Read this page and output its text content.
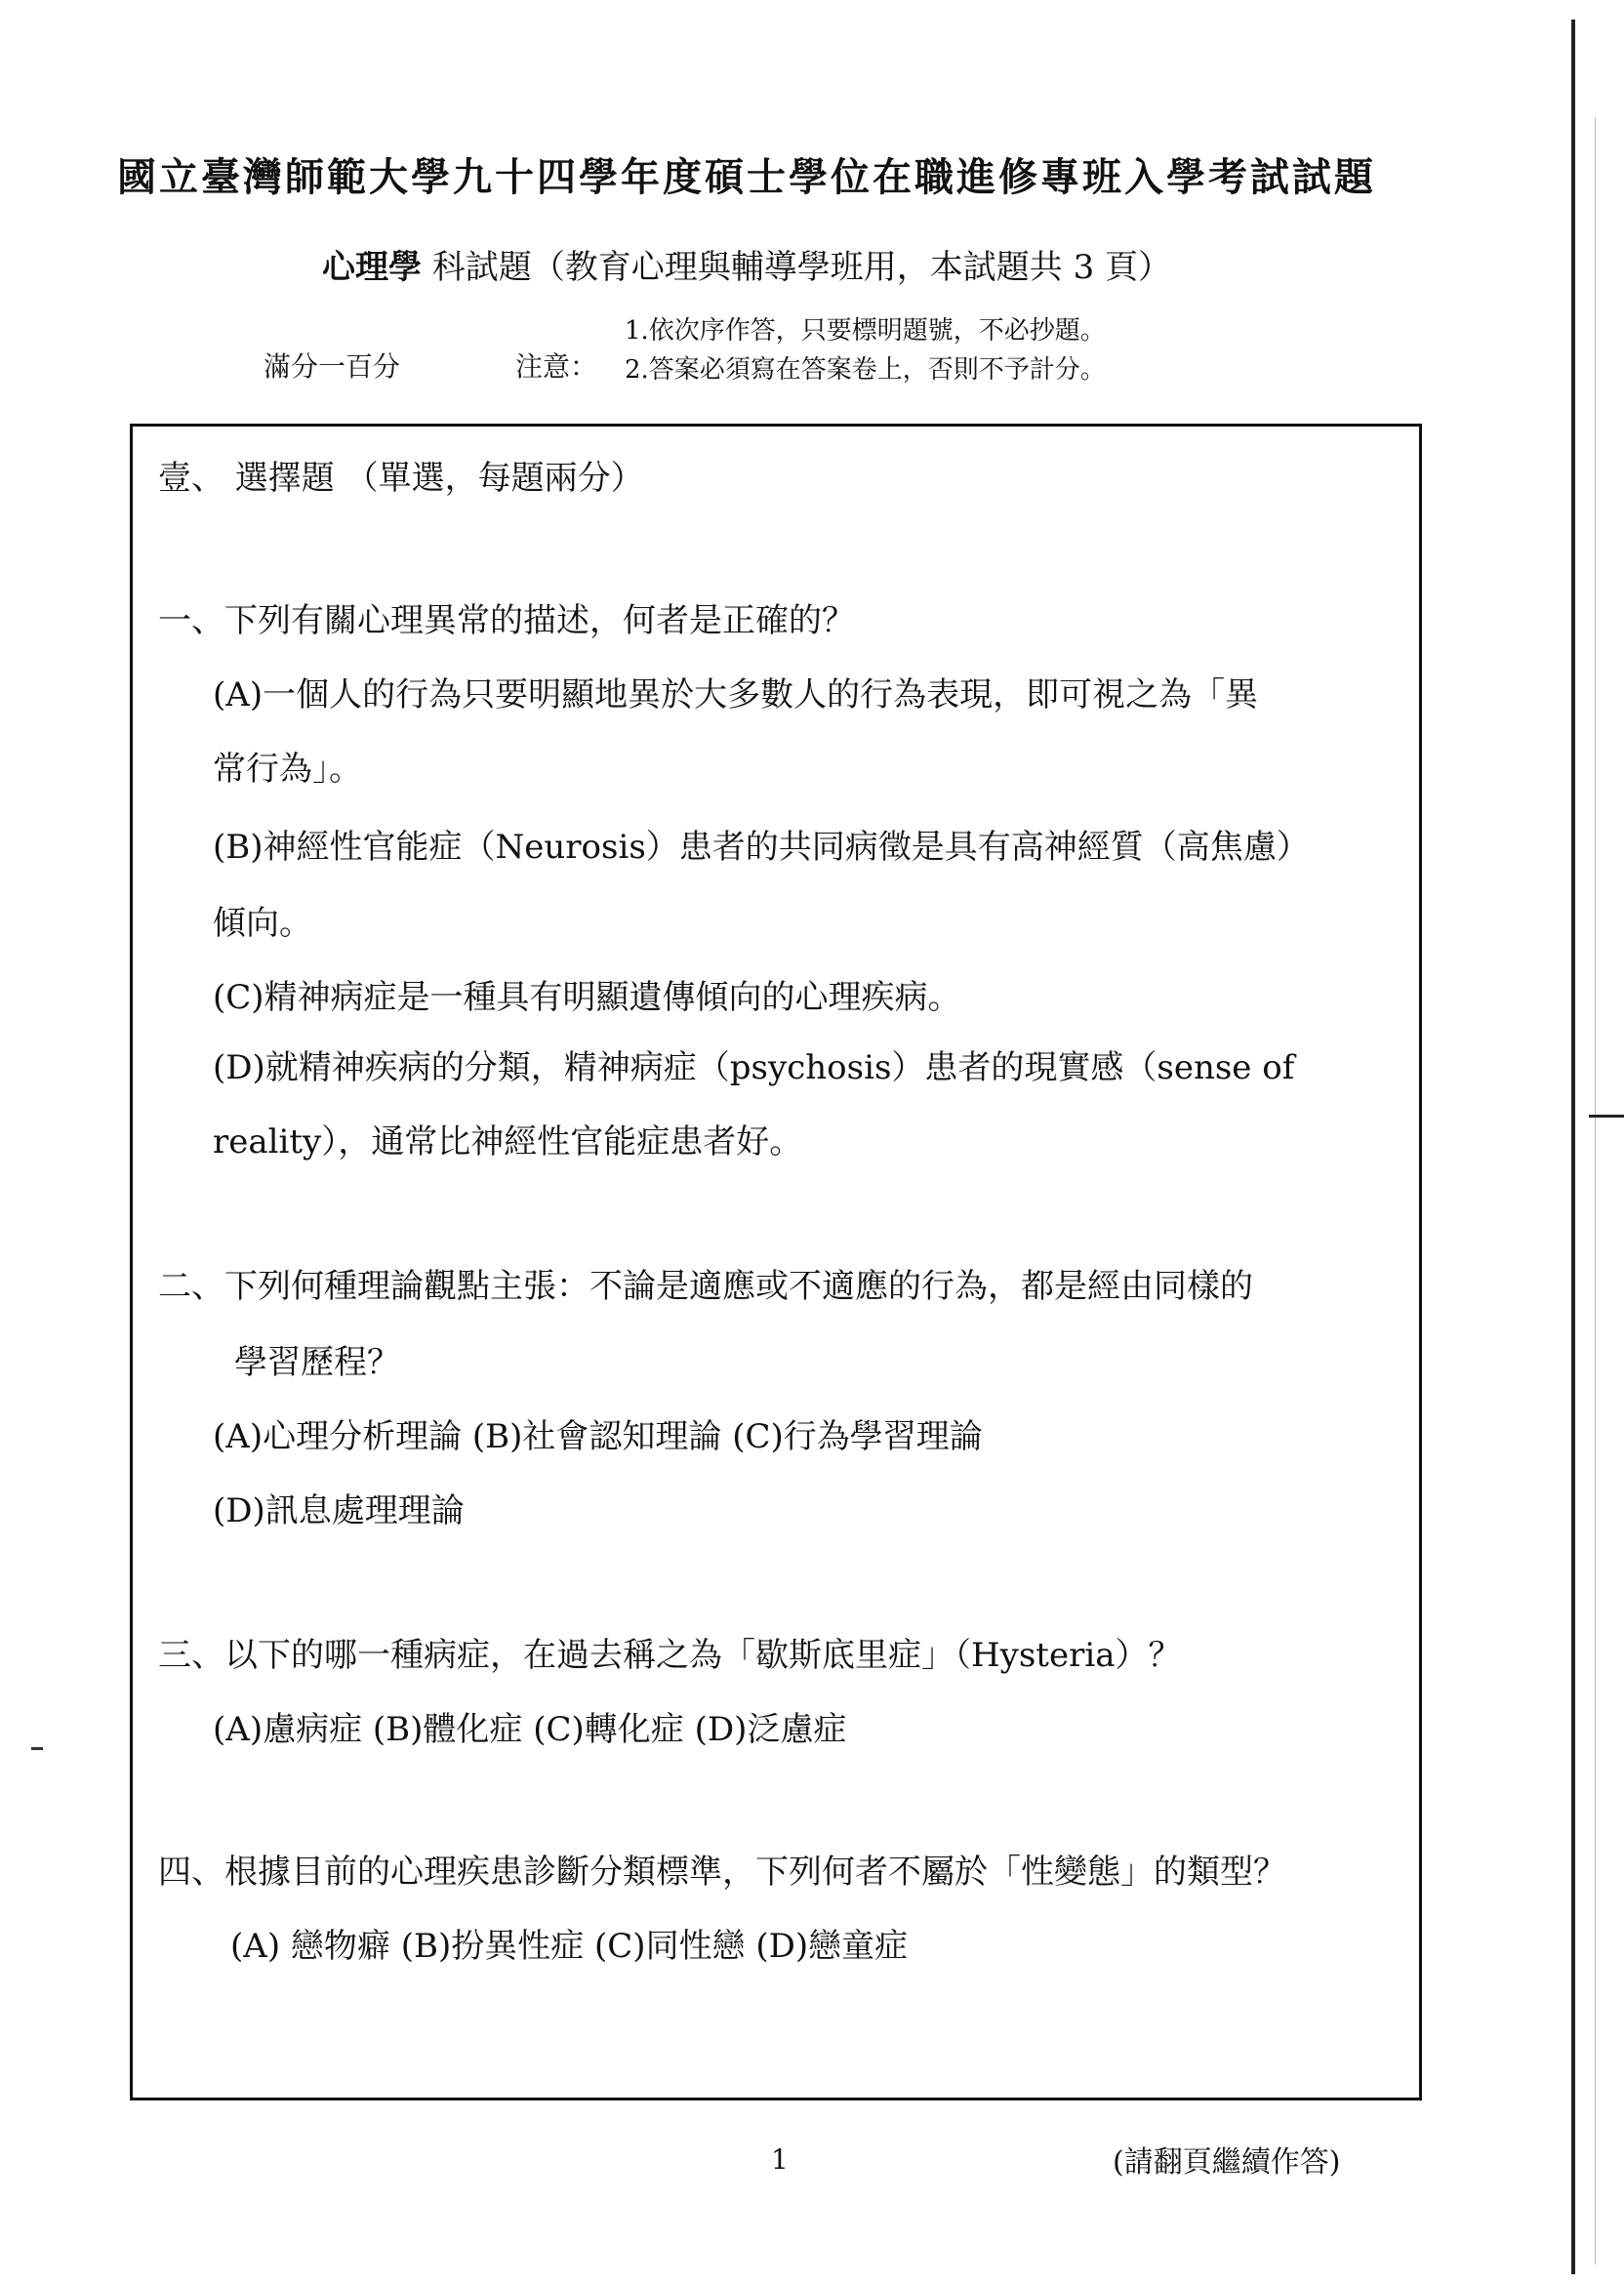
國立臺灣師範大學九十四學年度碩士學位在職進修專班入學考試試題
心理學 科試題（教育心理與輔導學班用，本試題共 3 頁）
滿分一百分	注意：
1.依次序作答，只要標明題號，不必抄題。
2.答案必須寫在答案卷上，否則不予計分。
壹、 選擇題 （單選，每題兩分）
一、下列有關心理異常的描述，何者是正確的？
(A)一個人的行為只要明顯地異於大多數人的行為表現，即可視之為「異
常行為」。
(B)神經性官能症（Neurosis）患者的共同病徵是具有高神經質（高焦慮）
傾向。
(C)精神病症是一種具有明顯遺傳傾向的心理疾病。
(D)就精神疾病的分類，精神病症（psychosis）患者的現實感（sense of
reality），通常比神經性官能症患者好。
二、下列何種理論觀點主張：不論是適應或不適應的行為，都是經由同樣的
學習歷程？
(A)心理分析理論 (B)社會認知理論 (C)行為學習理論
(D)訊息處理理論
三、以下的哪一種病症，在過去稱之為「歇斯底里症」（Hysteria）？
(A)慮病症 (B)體化症 (C)轉化症 (D)泛慮症
四、根據目前的心理疾患診斷分類標準，下列何者不屬於「性變態」的類型？
(A) 戀物癖 (B)扮異性症 (C)同性戀 (D)戀童症
1	(請翻頁繼續作答)
